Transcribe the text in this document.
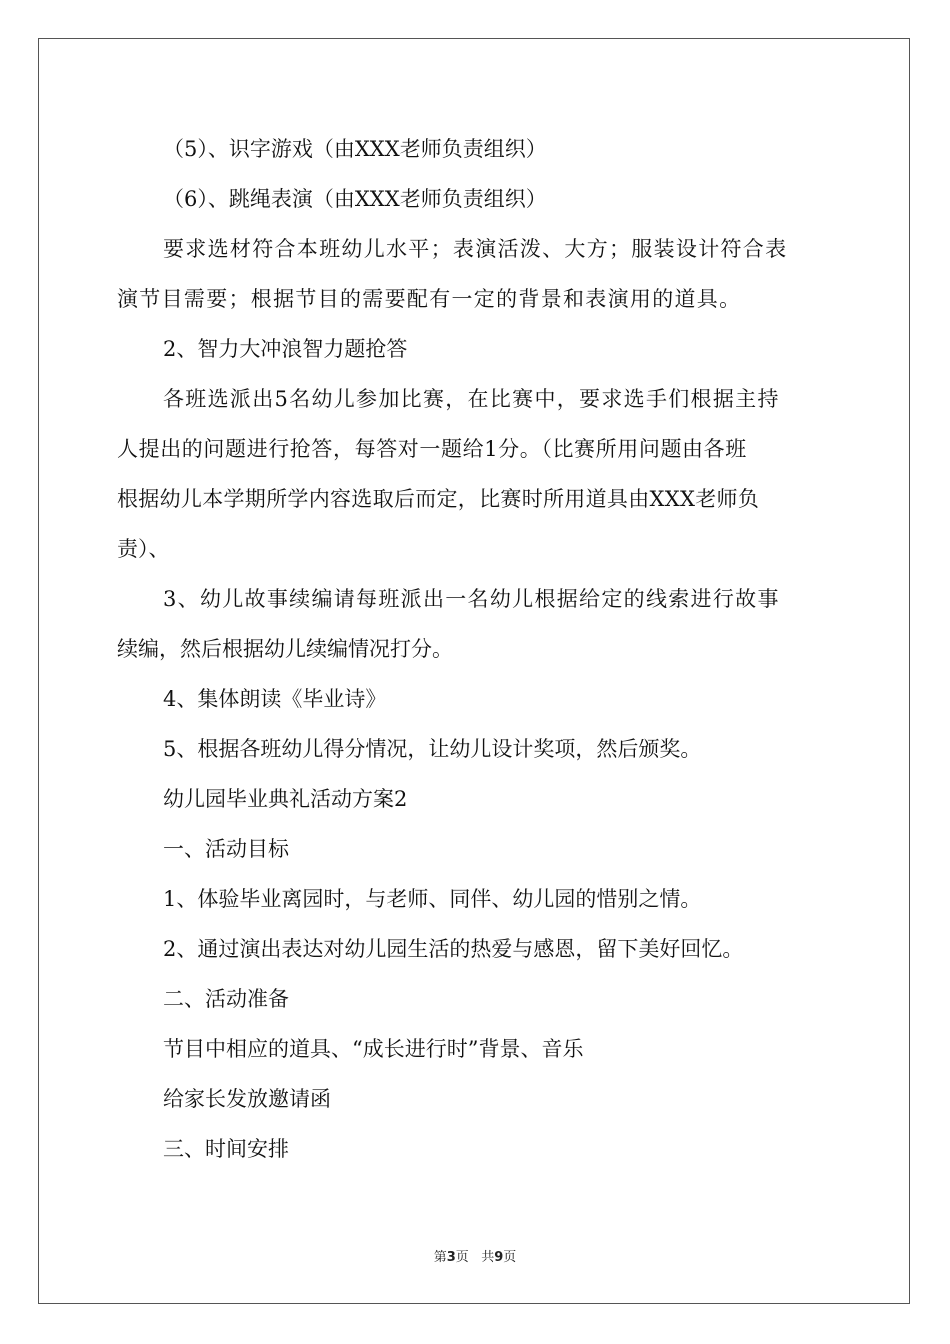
（5）、识字游戏（由XXX老师负责组织）
（6）、跳绳表演（由XXX老师负责组织）
要求选材符合本班幼儿水平；表演活泼、大方；服装设计符合表
演节目需要；根据节目的需要配有一定的背景和表演用的道具。
2、智力大冲浪智力题抢答
各班选派出5名幼儿参加比赛，在比赛中，要求选手们根据主持
人提出的问题进行抢答，每答对一题给1分。（比赛所用问题由各班
根据幼儿本学期所学内容选取后而定，比赛时所用道具由XXX老师负
责）、
3、幼儿故事续编请每班派出一名幼儿根据给定的线索进行故事
续编，然后根据幼儿续编情况打分。
4、集体朗读《毕业诗》
5、根据各班幼儿得分情况，让幼儿设计奖项，然后颁奖。
幼儿园毕业典礼活动方案2
一、活动目标
1、体验毕业离园时，与老师、同伴、幼儿园的惜别之情。
2、通过演出表达对幼儿园生活的热爱与感恩，留下美好回忆。
二、活动准备
节目中相应的道具、“成长进行时”背景、音乐
给家长发放邀请函
三、时间安排
第3页 共9页
